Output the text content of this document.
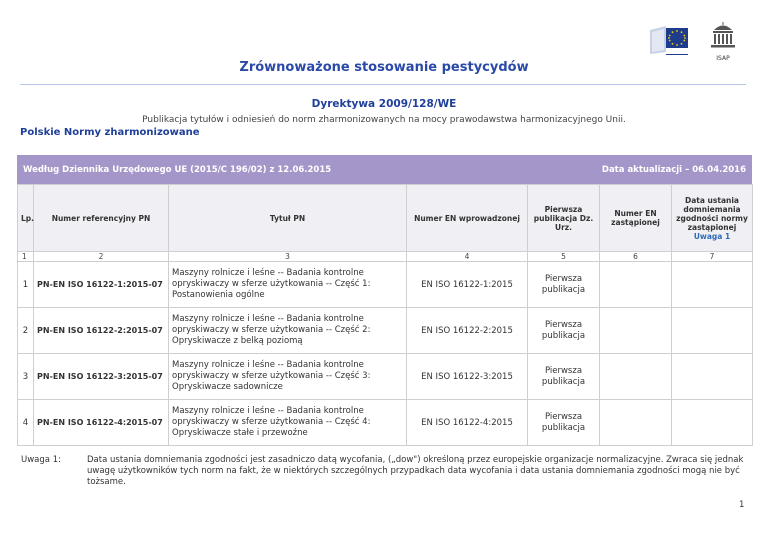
ISAP
Zrównoważone stosowanie pestycydów
Dyrektywa 2009/128/WE
Publikacja tytułów i odniesień do norm zharmonizowanych na mocy prawodawstwa harmonizacyjnego Unii.
Polskie Normy zharmonizowane
Według Dziennika Urzędowego UE (2015/C 196/02) z 12.06.2015	Data aktualizacji – 06.04.2016
Lp.	Numer referencyjny PN	Tytuł PN	Numer EN wprowadzonej	Pierwsza publikacja Dz. Urz.	Numer EN zastąpionej	Data ustania domniemania zgodności normy zastąpionej
Uwaga 1
1	2	3	4	5	6	7
1	PN-EN ISO 16122-1:2015-07	Maszyny rolnicze i leśne -- Badania kontrolne opryskiwaczy w sferze użytkowania -- Część 1: Postanowienia ogólne	EN ISO 16122-1:2015	Pierwsza publikacja		
2	PN-EN ISO 16122-2:2015-07	Maszyny rolnicze i leśne -- Badania kontrolne opryskiwaczy w sferze użytkowania -- Część 2: Opryskiwacze z belką poziomą	EN ISO 16122-2:2015	Pierwsza publikacja		
3	PN-EN ISO 16122-3:2015-07	Maszyny rolnicze i leśne -- Badania kontrolne opryskiwaczy w sferze użytkowania -- Część 3: Opryskiwacze sadownicze	EN ISO 16122-3:2015	Pierwsza publikacja		
4	PN-EN ISO 16122-4:2015-07	Maszyny rolnicze i leśne -- Badania kontrolne opryskiwaczy w sferze użytkowania -- Część 4: Opryskiwacze stałe i przewoźne	EN ISO 16122-4:2015	Pierwsza publikacja		
Uwaga 1:	Data ustania domniemania zgodności jest zasadniczo datą wycofania, („dow") określoną przez europejskie organizacje normalizacyjne. Zwraca się jednak uwagę użytkowników tych norm na fakt, że w niektórych szczególnych przypadkach data wycofania i data ustania domniemania zgodności mogą nie być tożsame.
1
